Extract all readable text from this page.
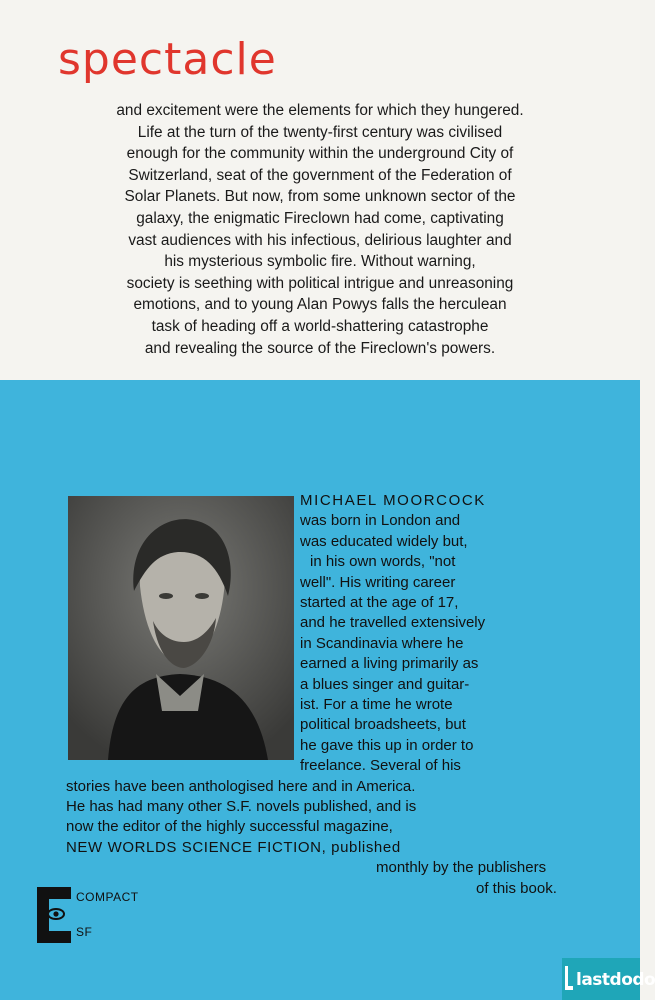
spectacle
and excitement were the elements for which they hungered.
Life at the turn of the twenty-first century was civilised
enough for the community within the underground City of
Switzerland, seat of the government of the Federation of
Solar Planets. But now, from some unknown sector of the
galaxy, the enigmatic Fireclown had come, captivating
vast audiences with his infectious, delirious laughter and
his mysterious symbolic fire. Without warning,
society is seething with political intrigue and unreasoning
emotions, and to young Alan Powys falls the herculean
task of heading off a world-shattering catastrophe
and revealing the source of the Fireclown's powers.
MICHAEL MOORCOCK
was born in London and
was educated widely but,
in his own words, "not
well". His writing career
started at the age of 17,
and he travelled extensively
in Scandinavia where he
earned a living primarily as
a blues singer and guitar-
ist. For a time he wrote
political broadsheets, but
he gave this up in order to
freelance. Several of his
stories have been anthologised here and in America.
He has had many other S.F. novels published, and is
now the editor of the highly successful magazine,
NEW WORLDS SCIENCE FICTION, published
monthly by the publishers
of this book.
COMPACT
SF
lastdodo
